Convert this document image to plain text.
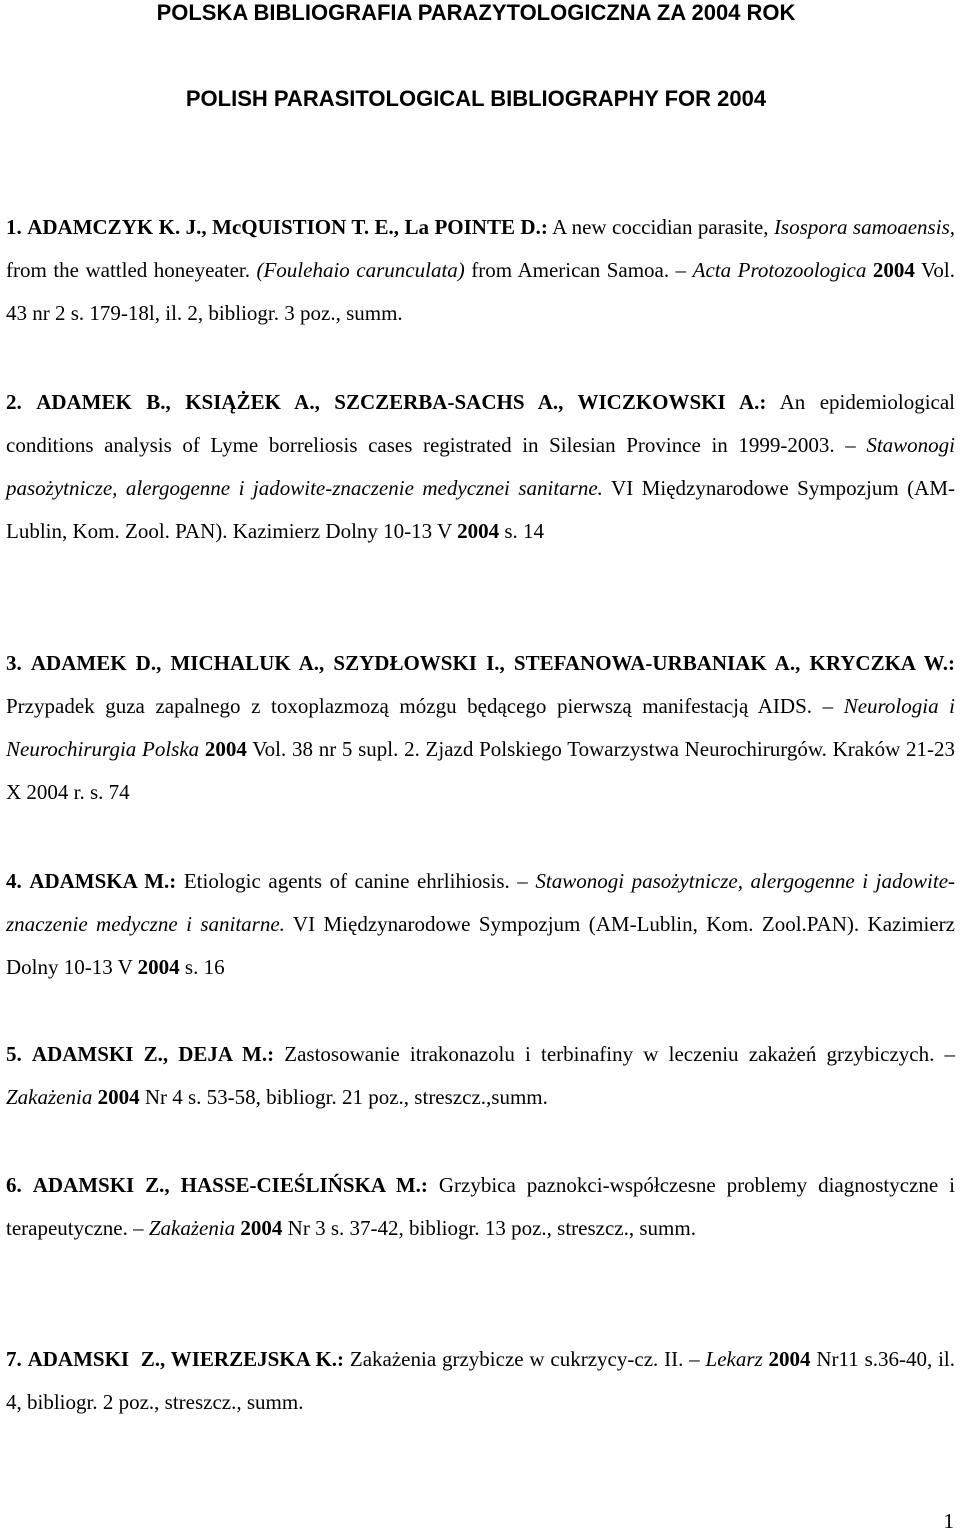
POLSKA BIBLIOGRAFIA PARAZYTOLOGICZNA ZA 2004 ROK
POLISH PARASITOLOGICAL BIBLIOGRAPHY FOR 2004

1. ADAMCZYK K. J., McQUISTION T. E., La POINTE D.: A new coccidian parasite, Isospora samoaensis, from the wattled honeyeater. (Foulehaio carunculata) from American Samoa. – Acta Protozoologica 2004 Vol. 43 nr 2 s. 179-18l, il. 2, bibliogr. 3 poz., summ.

2. ADAMEK B., KSIĄŻEK A., SZCZERBA-SACHS A., WICZKOWSKI A.: An epidemiological conditions analysis of Lyme borreliosis cases registrated in Silesian Province in 1999-2003. – Stawonogi pasożytnicze, alergogenne i jadowite-znaczenie medycznei sanitarne. VI Międzynarodowe Sympozjum (AM-Lublin, Kom. Zool. PAN). Kazimierz Dolny 10-13 V 2004 s. 14

3. ADAMEK D., MICHALUK A., SZYDŁOWSKI I., STEFANOWA-URBANIAK A., KRYCZKA W.: Przypadek guza zapalnego z toxoplazmozą mózgu będącego pierwszą manifestacją AIDS. – Neurologia i Neurochirurgia Polska 2004 Vol. 38 nr 5 supl. 2. Zjazd Polskiego Towarzystwa Neurochirurgów. Kraków 21-23 X 2004 r. s. 74

4. ADAMSKA M.: Etiologic agents of canine ehrlihiosis. – Stawonogi pasożytnicze, alergogenne i jadowite-znaczenie medyczne i sanitarne. VI Międzynarodowe Sympozjum (AM-Lublin, Kom. Zool.PAN). Kazimierz Dolny 10-13 V 2004 s. 16

5. ADAMSKI Z., DEJA M.: Zastosowanie itrakonazolu i terbinafiny w leczeniu zakażeń grzybiczych. – Zakażenia 2004 Nr 4 s. 53-58, bibliogr. 21 poz., streszcz.,summ.

6. ADAMSKI Z., HASSE-CIEŚLIŃSKA M.: Grzybica paznokci-współczesne problemy diagnostyczne i terapeutyczne. – Zakażenia 2004 Nr 3 s. 37-42, bibliogr. 13 poz., streszcz., summ.

7. ADAMSKI  Z., WIERZEJSKA K.: Zakażenia grzybicze w cukrzycy-cz. II. – Lekarz 2004 Nr11 s.36-40, il. 4, bibliogr. 2 poz., streszcz., summ.

1
